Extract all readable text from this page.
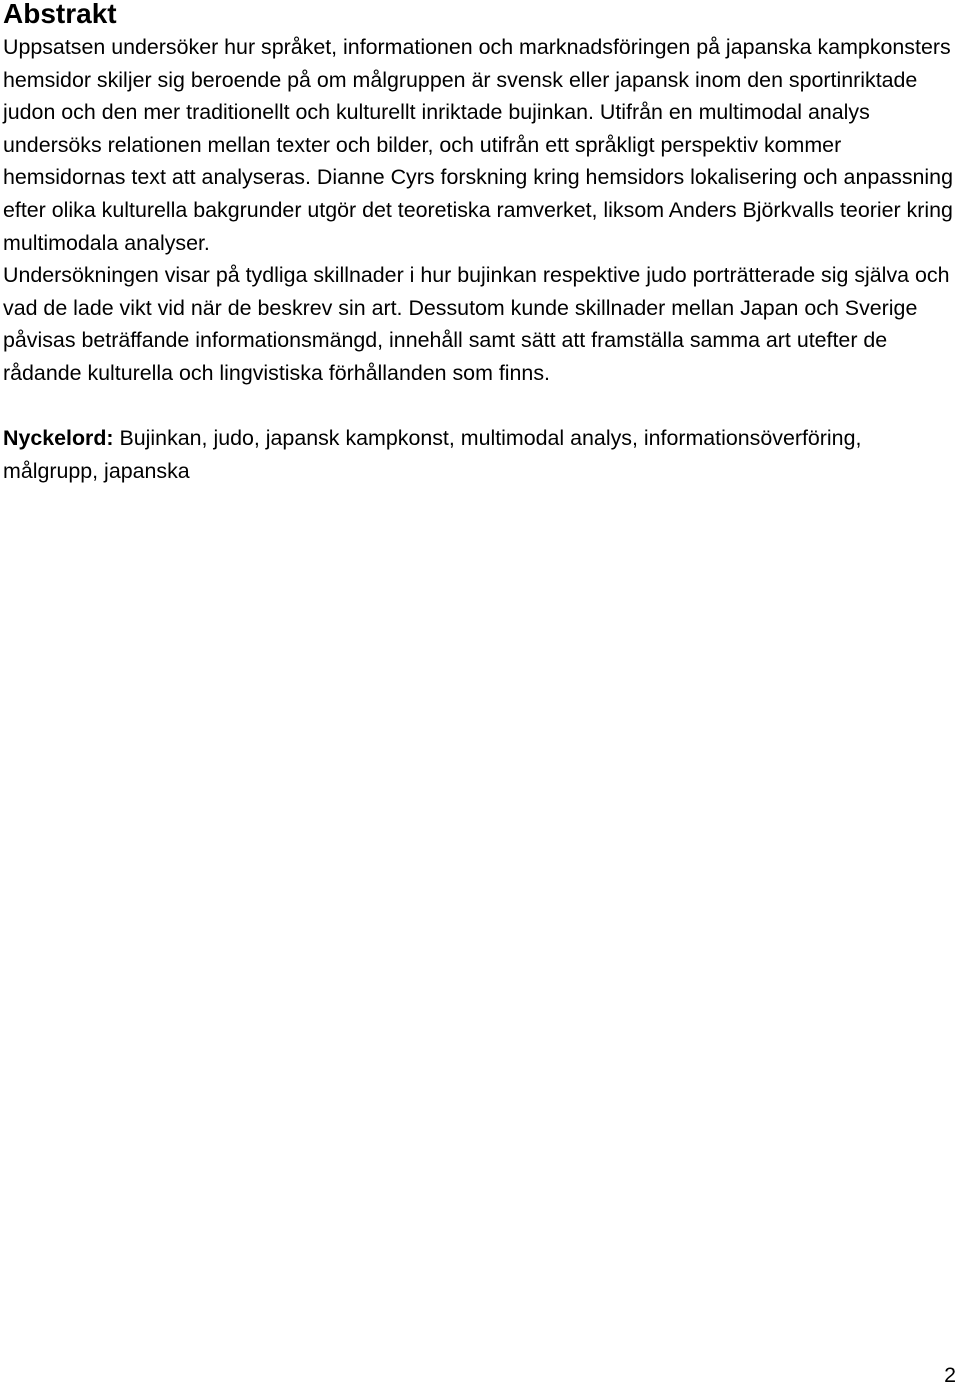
Abstrakt

Uppsatsen undersöker hur språket, informationen och marknadsföringen på japanska kampkonsters hemsidor skiljer sig beroende på om målgruppen är svensk eller japansk inom den sportinriktade judon och den mer traditionellt och kulturellt inriktade bujinkan. Utifrån en multimodal analys undersöks relationen mellan texter och bilder, och utifrån ett språkligt perspektiv kommer hemsidornas text att analyseras. Dianne Cyrs forskning kring hemsidors lokalisering och anpassning efter olika kulturella bakgrunder utgör det teoretiska ramverket, liksom Anders Björkvalls teorier kring multimodala analyser.

Undersökningen visar på tydliga skillnader i hur bujinkan respektive judo porträtterade sig själva och vad de lade vikt vid när de beskrev sin art. Dessutom kunde skillnader mellan Japan och Sverige påvisas beträffande informationsmängd, innehåll samt sätt att framställa samma art utefter de rådande kulturella och lingvistiska förhållanden som finns.

Nyckelord: Bujinkan, judo, japansk kampkonst, multimodal analys, informationsöverföring, målgrupp, japanska

2
